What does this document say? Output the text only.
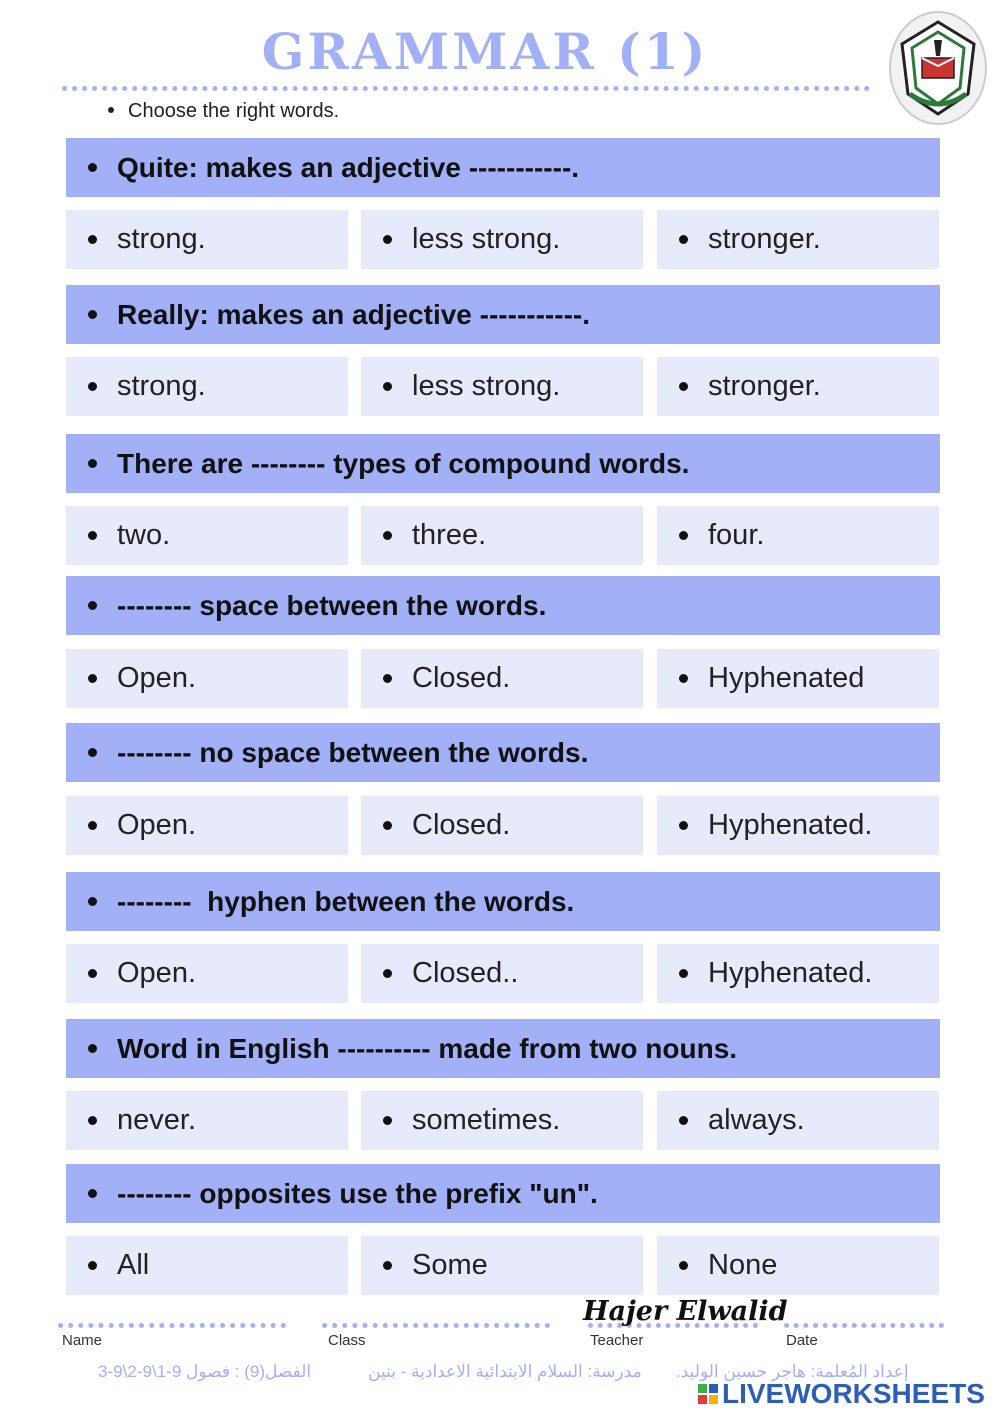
GRAMMAR (1)
Choose the right words.
Quite: makes an adjective -----------.
strong.	less strong.	stronger.
Really: makes an adjective -----------.
strong.	less strong.	stronger.
There are -------- types of compound words.
two.	three.	four.
-------- space between the words.
Open.	Closed.	Hyphenated
-------- no space between the words.
Open.	Closed.	Hyphenated.
--------  hyphen between the words.
Open.	Closed..	Hyphenated.
Word in English ---------- made from two nouns.
never.	sometimes.	always.
-------- opposites use the prefix "un".
All	Some	None
Hajer Elwalid
Name	Class	Teacher	Date
الفصل(9) : فصول 9-1\9-2\9-3	مدرسة: السلام الابتدائية الاعدادية - بنين إعداد المُعلمة: هاجر حسين الوليد.
LIVEWORKSHEETS
